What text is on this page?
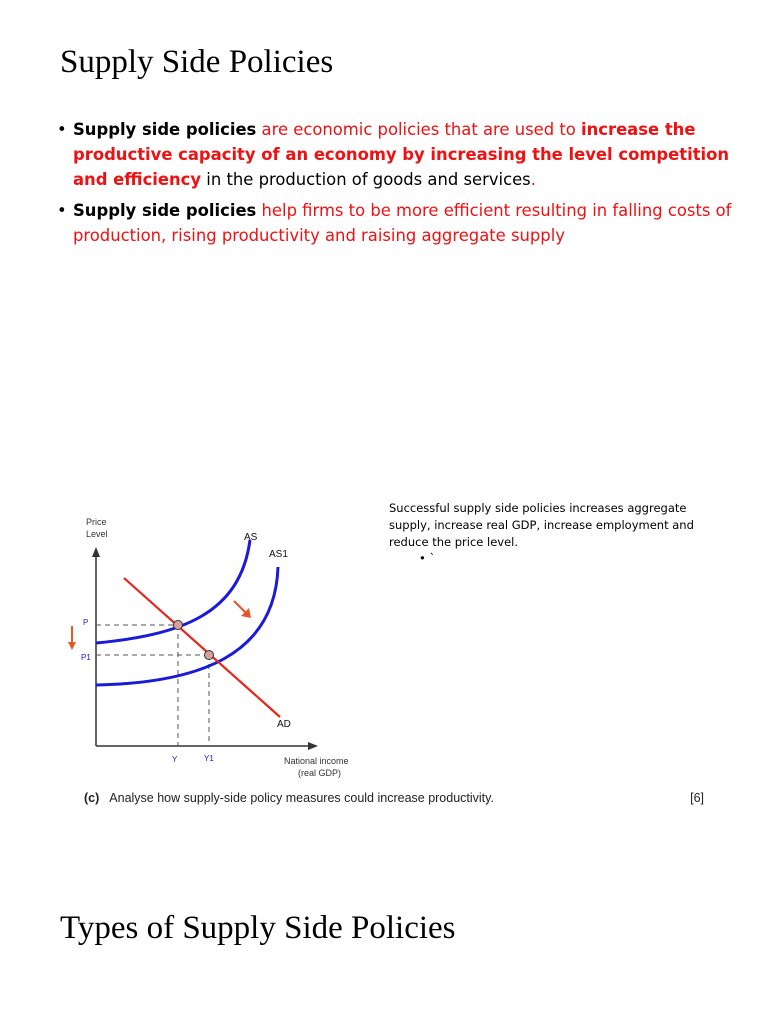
Supply Side Policies
• Supply side policies are economic policies that are used to increase the productive capacity of an economy by increasing the level competition and efficiency in the production of goods and services.
• Supply side policies help firms to be more efficient resulting in falling costs of production, rising productivity and raising aggregate supply
Price
Level
National income
(real GDP)
AS
AS1
AD
P
P1
Y	Y1
Successful supply side policies increases aggregate supply, increase real GDP, increase employment and reduce the price level.
• `
(c) Analyse how supply-side policy measures could increase productivity.	[6]
Types of Supply Side Policies
